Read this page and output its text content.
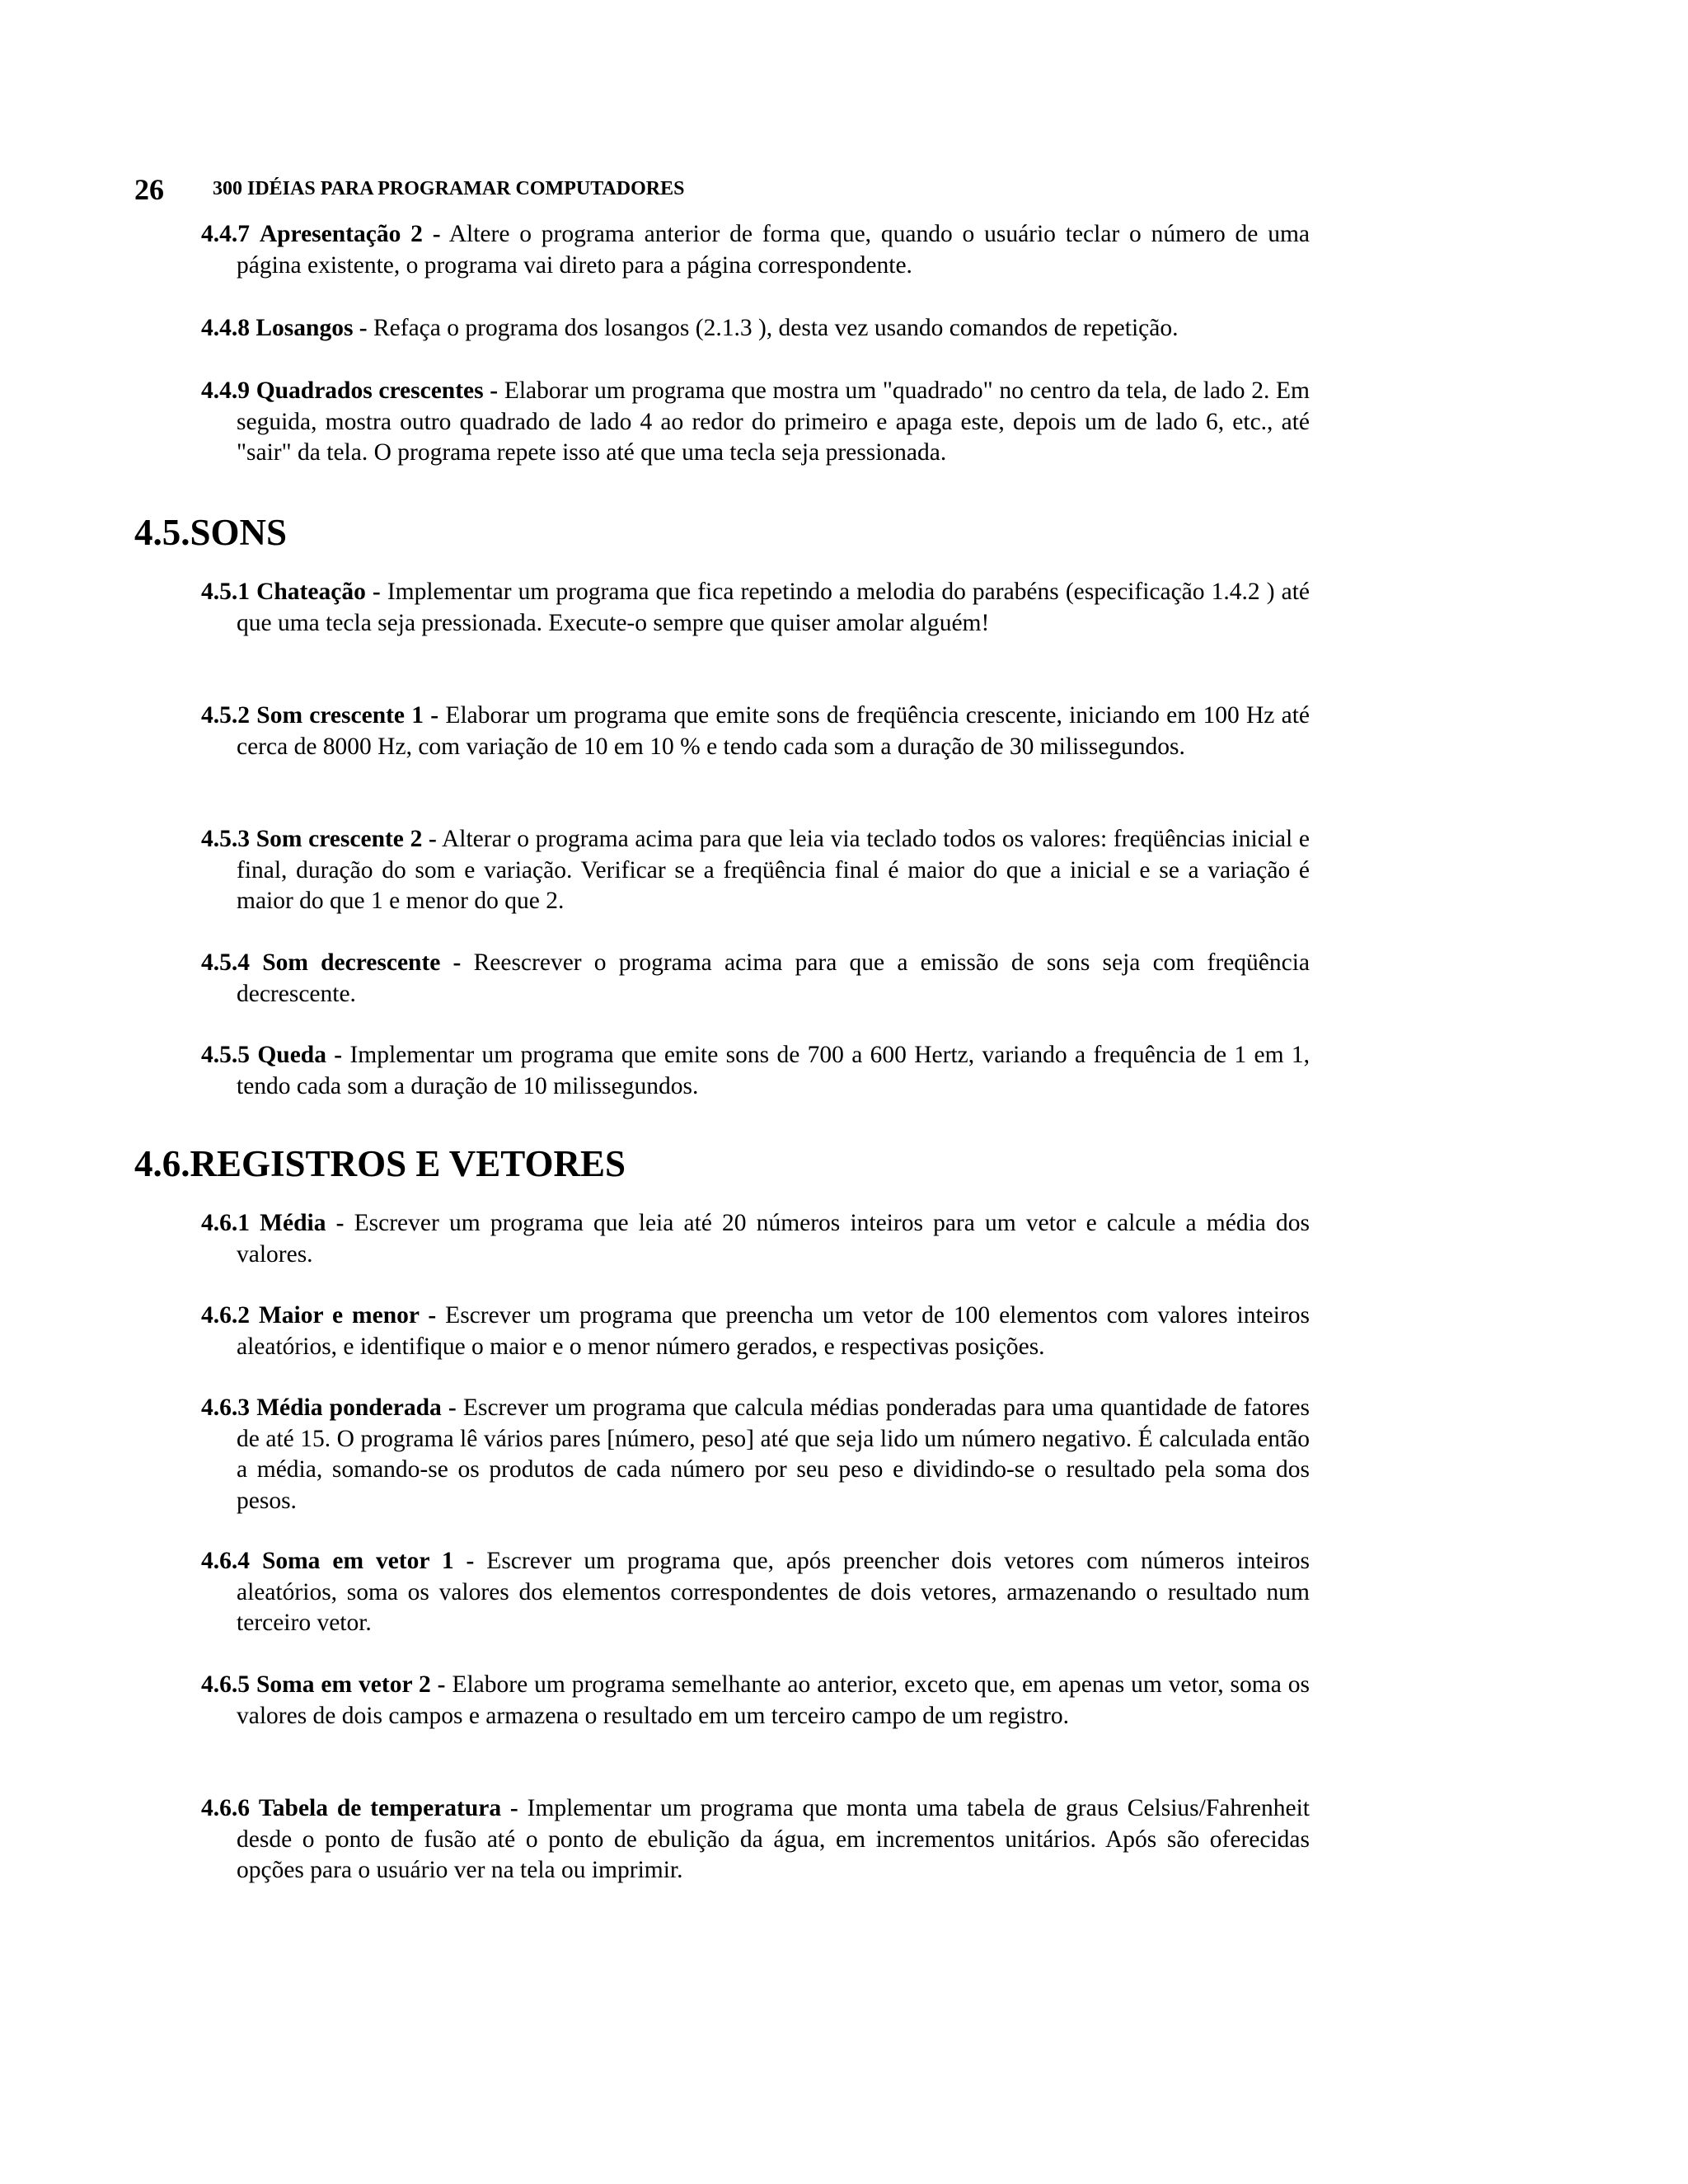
26 300 IDÉIAS PARA PROGRAMAR COMPUTADORES

4.4.7 Apresentação 2 - Altere o programa anterior de forma que, quando o usuário teclar o número de uma página existente, o programa vai direto para a página correspondente.

4.4.8 Losangos - Refaça o programa dos losangos (2.1.3 ), desta vez usando comandos de repetição.

4.4.9 Quadrados crescentes - Elaborar um programa que mostra um "quadrado" no centro da tela, de lado 2. Em seguida, mostra outro quadrado de lado 4 ao redor do primeiro e apaga este, depois um de lado 6, etc., até "sair" da tela. O programa repete isso até que uma tecla seja pressionada.

4.5.SONS

4.5.1 Chateação - Implementar um programa que fica repetindo a melodia do parabéns (especificação 1.4.2 ) até que uma tecla seja pressionada. Execute-o sempre que quiser amolar alguém!

4.5.2 Som crescente 1 - Elaborar um programa que emite sons de freqüência crescente, iniciando em 100 Hz até cerca de 8000 Hz, com variação de 10 em 10 % e tendo cada som a duração de 30 milissegundos.

4.5.3 Som crescente 2 - Alterar o programa acima para que leia via teclado todos os valores: freqüências inicial e final, duração do som e variação. Verificar se a freqüência final é maior do que a inicial e se a variação é maior do que 1 e menor do que 2.

4.5.4 Som decrescente - Reescrever o programa acima para que a emissão de sons seja com freqüência decrescente.

4.5.5 Queda - Implementar um programa que emite sons de 700 a 600 Hertz, variando a frequência de 1 em 1, tendo cada som a duração de 10 milissegundos.

4.6.REGISTROS E VETORES

4.6.1 Média - Escrever um programa que leia até 20 números inteiros para um vetor e calcule a média dos valores.

4.6.2 Maior e menor - Escrever um programa que preencha um vetor de 100 elementos com valores inteiros aleatórios, e identifique o maior e o menor número gerados, e respectivas posições.

4.6.3 Média ponderada - Escrever um programa que calcula médias ponderadas para uma quantidade de fatores de até 15. O programa lê vários pares [número, peso] até que seja lido um número negativo. É calculada então a média, somando-se os produtos de cada número por seu peso e dividindo-se o resultado pela soma dos pesos.

4.6.4 Soma em vetor 1 - Escrever um programa que, após preencher dois vetores com números inteiros aleatórios, soma os valores dos elementos correspondentes de dois vetores, armazenando o resultado num terceiro vetor.

4.6.5 Soma em vetor 2 - Elabore um programa semelhante ao anterior, exceto que, em apenas um vetor, soma os valores de dois campos e armazena o resultado em um terceiro campo de um registro.

4.6.6 Tabela de temperatura - Implementar um programa que monta uma tabela de graus Celsius/Fahrenheit desde o ponto de fusão até o ponto de ebulição da água, em incrementos unitários. Após são oferecidas opções para o usuário ver na tela ou imprimir.
